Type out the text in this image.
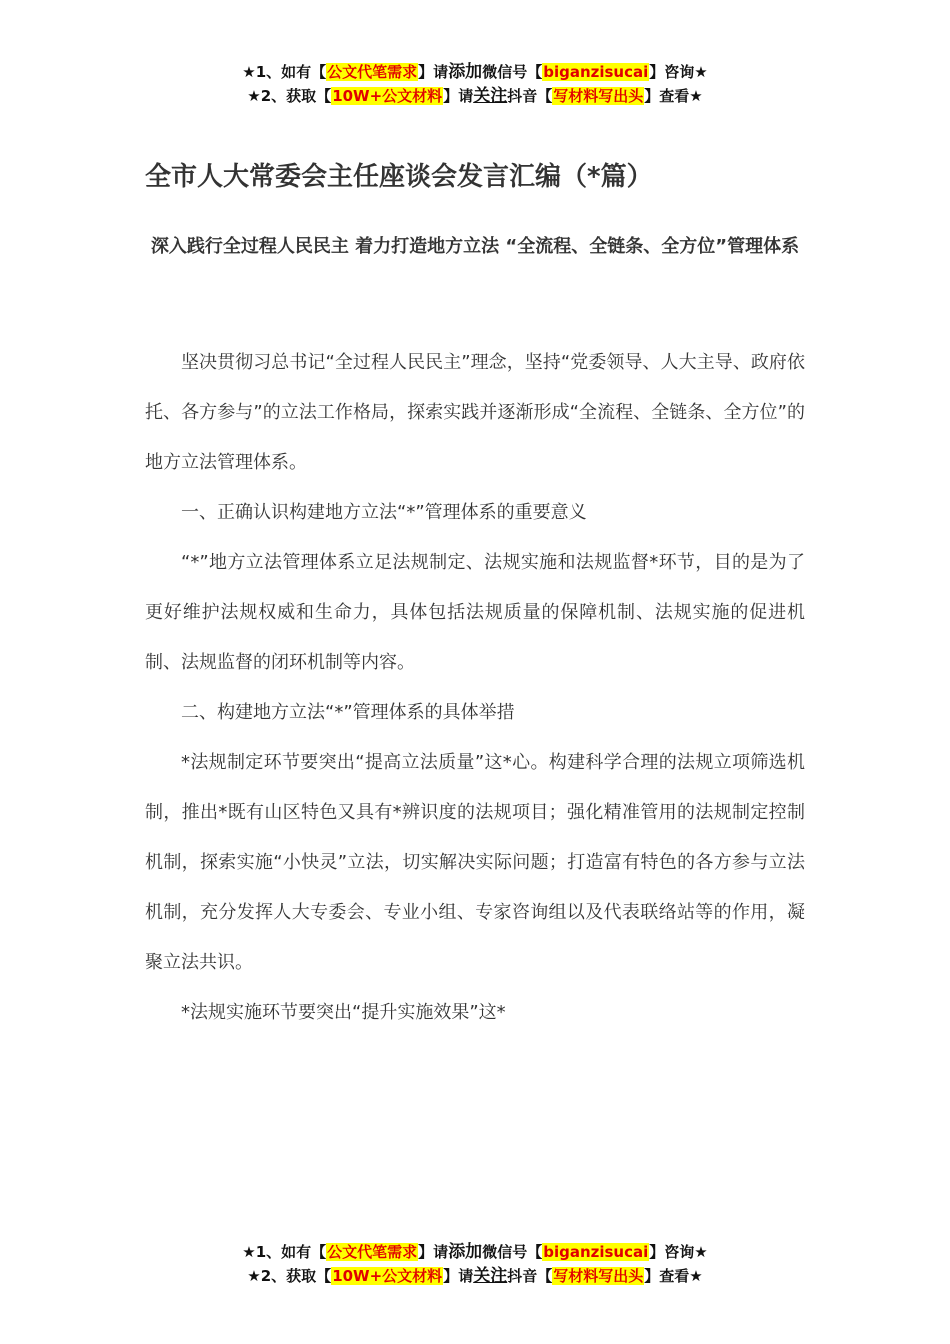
★1、如有【公文代笔需求】请添加微信号【biganzisucai】咨询★
★2、获取【10W+公文材料】请关注抖音【写材料写出头】查看★
全市人大常委会主任座谈会发言汇编（*篇）
深入践行全过程人民民主 着力打造地方立法 “全流程、全链条、全方位”管理体系

坚决贯彻习总书记“全过程人民民主”理念，坚持“党委领导、人大主导、政府依托、各方参与”的立法工作格局，探索实践并逐渐形成“全流程、全链条、全方位”的地方立法管理体系。

一、正确认识构建地方立法“*”管理体系的重要意义

“*”地方立法管理体系立足法规制定、法规实施和法规监督*环节，目的是为了更好维护法规权威和生命力，具体包括法规质量的保障机制、法规实施的促进机制、法规监督的闭环机制等内容。

二、构建地方立法“*”管理体系的具体举措

*法规制定环节要突出“提高立法质量”这*心。构建科学合理的法规立项筛选机制，推出*既有山区特色又具有*辨识度的法规项目；强化精准管用的法规制定控制机制，探索实施“小快灵”立法，切实解决实际问题；打造富有特色的各方参与立法机制，充分发挥人大专委会、专业小组、专家咨询组以及代表联络站等的作用，凝聚立法共识。

*法规实施环节要突出“提升实施效果”这*

★1、如有【公文代笔需求】请添加微信号【biganzisucai】咨询★
★2、获取【10W+公文材料】请关注抖音【写材料写出头】查看★
